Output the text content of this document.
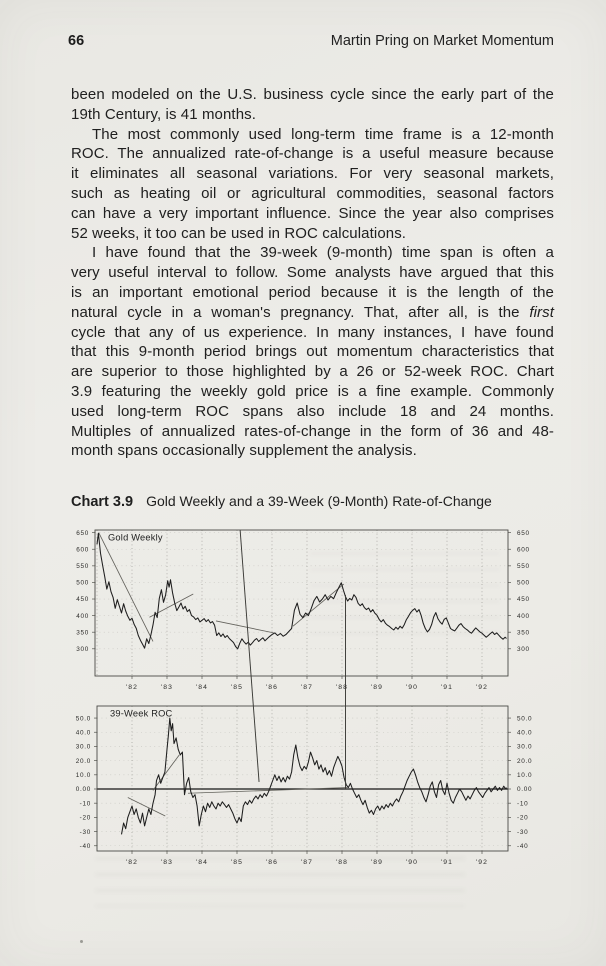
66	Martin Pring on Market Momentum
been modeled on the U.S. business cycle since the early part of the
19th Century, is 41 months.
The most commonly used long-term time frame is a 12-month
ROC. The annualized rate-of-change is a useful measure because
it eliminates all seasonal variations. For very seasonal markets,
such as heating oil or agricultural commodities, seasonal factors
can have a very important influence. Since the year also comprises
52 weeks, it too can be used in ROC calculations.
I have found that the 39-week (9-month) time span is often a
very useful interval to follow. Some analysts have argued that this
is an important emotional period because it is the length of the
natural cycle in a woman's pregnancy. That, after all, is the first
cycle that any of us experience. In many instances, I have found
that this 9-month period brings out momentum characteristics that
are superior to those highlighted by a 26 or 52-week ROC. Chart
3.9 featuring the weekly gold price is a fine example. Commonly
used long-term ROC spans also include 18 and 24 months.
Multiples of annualized rates-of-change in the form of 36 and 48-
month spans occasionally supplement the analysis.
Chart 3.9 Gold Weekly and a 39-Week (9-Month) Rate-of-Change
650	650
600	600
550	550
500	500
450	450
400	400
350	350
300	300
'82	'83	'84	'85	'86	'87	'88	'89	'90	'91	'92
Gold Weekly
50.0	50.0
40.0	40.0
30.0	30.0
20.0	20.0
10.0	10.0
0.00	0.00
-10	-10
-20	-20
-30	-30
-40	-40
'82	'83	'84	'85	'86	'87	'88	'89	'90	'91	'92
39-Week ROC
